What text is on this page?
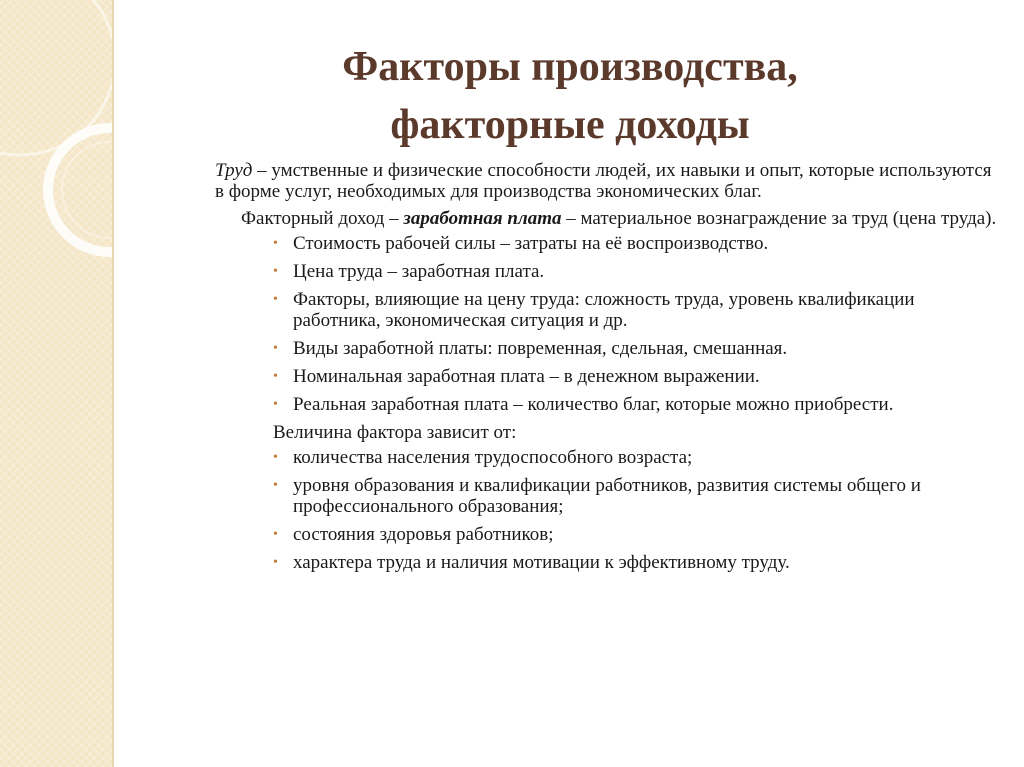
Факторы производства,
факторные доходы

Труд – умственные и физические способности людей, их навыки и опыт, которые используются в форме услуг, необходимых для производства экономических благ.

Факторный доход – заработная плата – материальное вознаграждение за труд (цена труда).

• Стоимость рабочей силы – затраты на её воспроизводство.
• Цена труда – заработная плата.
• Факторы, влияющие на цену труда: сложность труда, уровень квалификации работника, экономическая ситуация и др.
• Виды заработной платы: повременная, сдельная, смешанная.
• Номинальная заработная плата – в денежном выражении.
• Реальная заработная плата – количество благ, которые можно приобрести.

Величина фактора зависит от:

• количества населения трудоспособного возраста;
• уровня образования и квалификации работников, развития системы общего и профессионального образования;
• состояния здоровья работников;
• характера труда и наличия мотивации к эффективному труду.
